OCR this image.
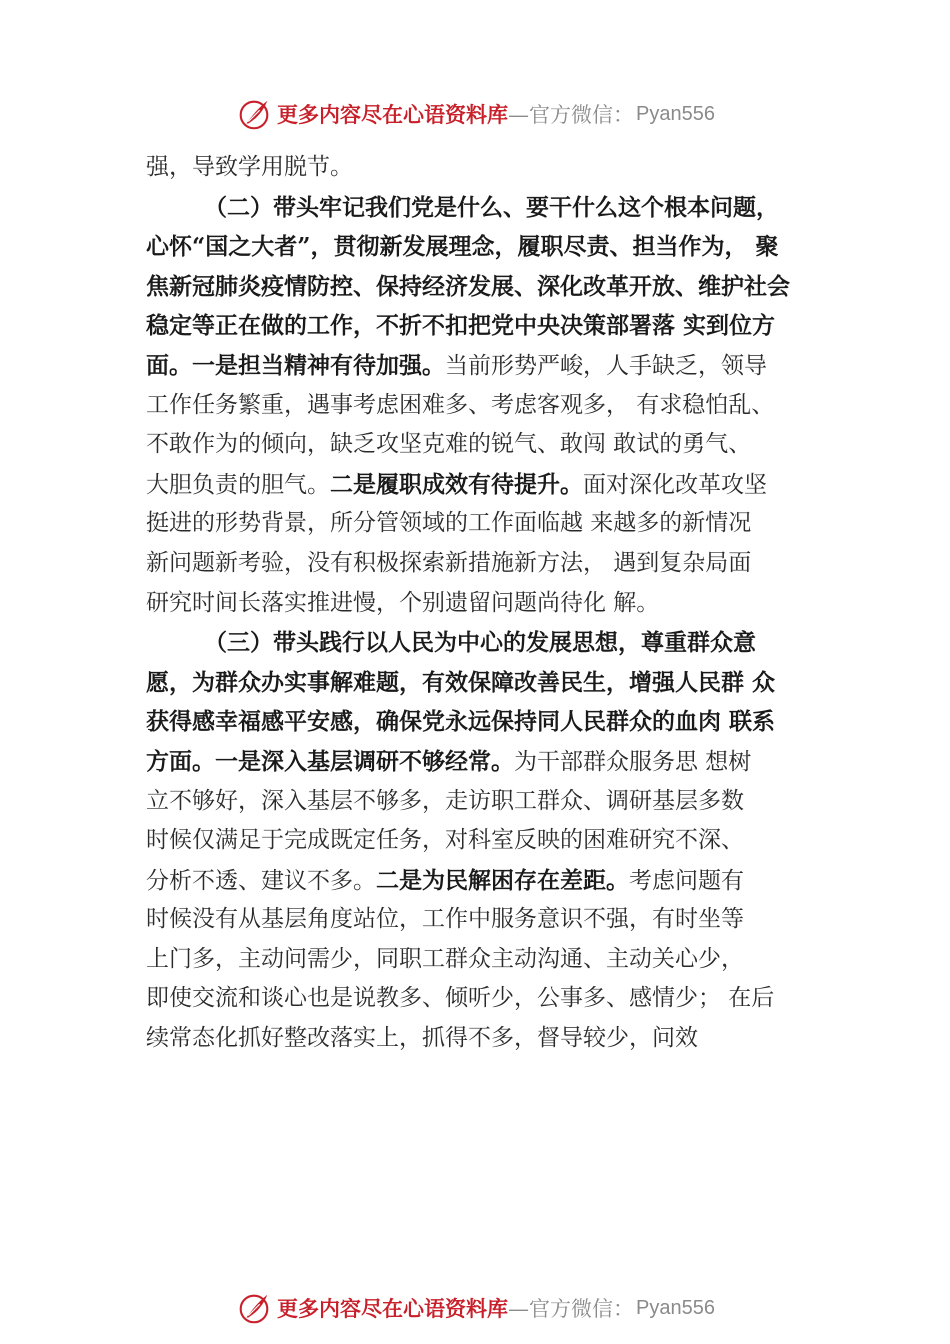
更多内容尽在心语资料库 —官方微信： Pyan556
强，导致学用脱节。
（二）带头牢记我们党是什么、要干什么这个根本问题，
心怀“国之大者”，贯彻新发展理念，履职尽责、担当作为， 聚
焦新冠肺炎疫情防控、保持经济发展、深化改革开放、维护社会
稳定等正在做的工作，不折不扣把党中央决策部署落 实到位方
面。一是担当精神有待加强。当前形势严峻，人手缺乏，领导
工作任务繁重，遇事考虑困难多、考虑客观多， 有求稳怕乱、
不敢作为的倾向，缺乏攻坚克难的锐气、敢闯 敢试的勇气、
大胆负责的胆气。二是履职成效有待提升。面对深化改革攻坚
挺进的形势背景，所分管领域的工作面临越 来越多的新情况
新问题新考验，没有积极探索新措施新方法， 遇到复杂局面
研究时间长落实推进慢，个别遗留问题尚待化 解。
（三）带头践行以人民为中心的发展思想，尊重群众意
愿，为群众办实事解难题，有效保障改善民生，增强人民群 众
获得感幸福感平安感，确保党永远保持同人民群众的血肉 联系
方面。一是深入基层调研不够经常。为干部群众服务思 想树
立不够好，深入基层不够多，走访职工群众、调研基层多数
时候仅满足于完成既定任务，对科室反映的困难研究不深、
分析不透、建议不多。二是为民解困存在差距。考虑问题有
时候没有从基层角度站位，工作中服务意识不强，有时坐等
上门多，主动问需少，同职工群众主动沟通、主动关心少，
即使交流和谈心也是说教多、倾听少，公事多、感情少； 在后
续常态化抓好整改落实上，抓得不多，督导较少，问效
更多内容尽在心语资料库 —官方微信： Pyan556
